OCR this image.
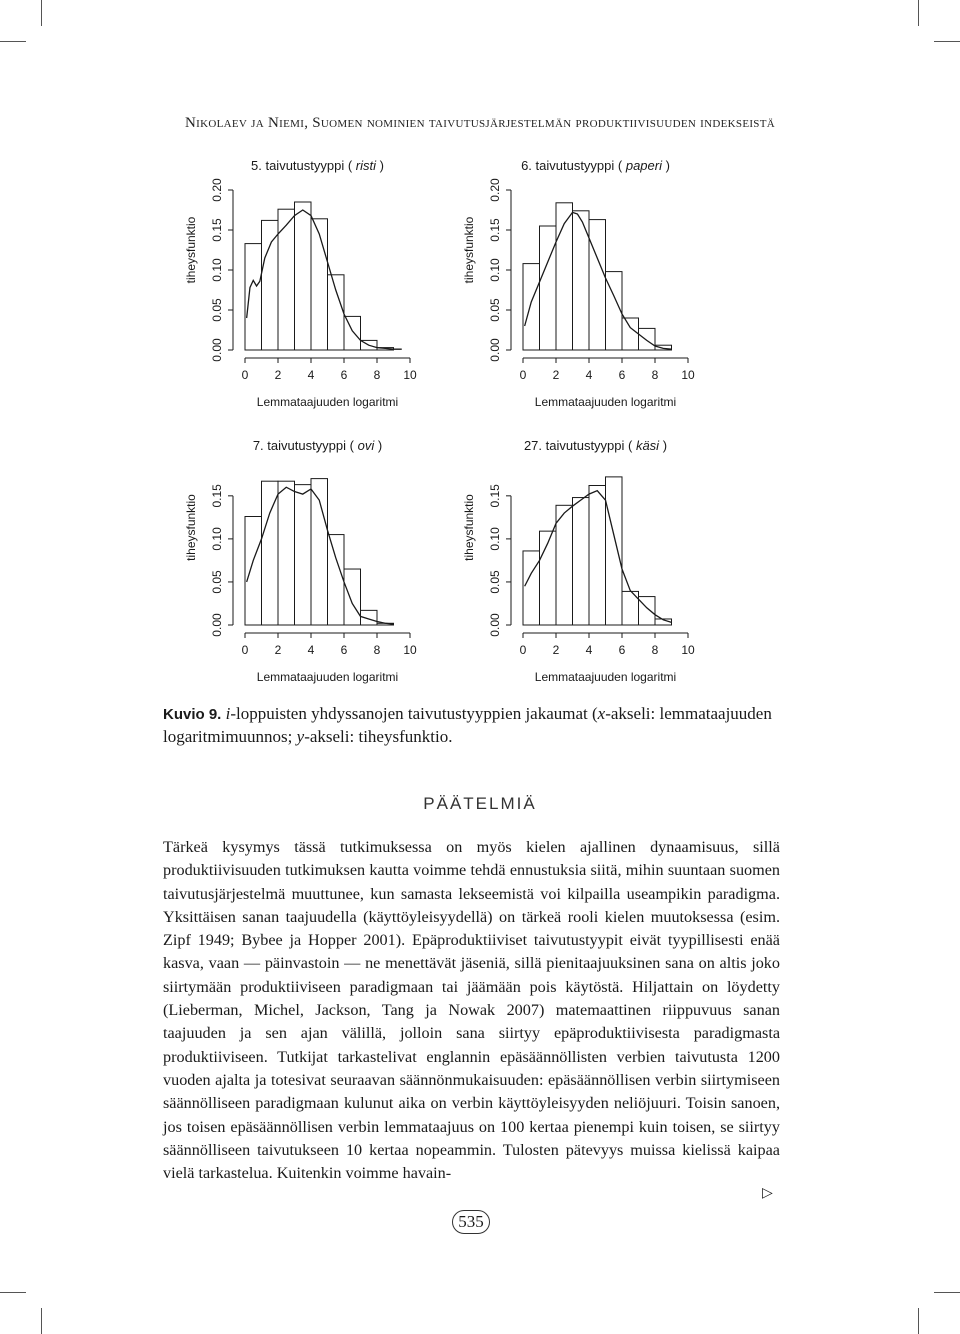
Nikolaev ja Niemi, Suomen nominien taivutusjärjestelmän produktiivisuuden indekseistä
5. taivutustyyppi ( risti )
0 2 4 6 8 10
Lemmataajuuden logaritmi
0.00
0.05
0.10
0.15
0.20
tiheysfunktio
6. taivutustyyppi ( paperi )
0 2 4 6 8 10
Lemmataajuuden logaritmi
0.00
0.05
0.10
0.15
0.20
tiheysfunktio
7. taivutustyyppi ( ovi )
0 2 4 6 8 10
Lemmataajuuden logaritmi
0.00
0.05
0.10
0.15
tiheysfunktio
27. taivutustyyppi ( käsi )
0 2 4 6 8 10
Lemmataajuuden logaritmi
0.00
0.05
0.10
0.15
tiheysfunktio
Kuvio 9. i-loppuisten yhdyssanojen taivutustyyppien jakaumat (x-akseli: lemmataajuuden logaritmimuunnos; y-akseli: tiheysfunktio.
PÄÄTELMIÄ

Tärkeä kysymys tässä tutkimuksessa on myös kielen ajallinen dynaamisuus, sillä produktiivisuuden tutkimuksen kautta voimme tehdä ennustuksia siitä, mihin suuntaan suomen taivutusjärjestelmä muuttunee, kun samasta lekseemistä voi kilpailla useampikin paradigma. Yksittäisen sanan taajuudella (käyttöyleisyydellä) on tärkeä rooli kielen muutoksessa (esim. Zipf 1949; Bybee ja Hopper 2001). Epäproduktiiviset taivutustyypit eivät tyypillisesti enää kasva, vaan — päinvastoin — ne menettävät jäseniä, sillä pienitaajuuksinen sana on altis joko siirtymään produktiiviseen paradigmaan tai jäämään pois käytöstä. Hiljattain on löydetty (Lieberman, Michel, Jackson, Tang ja Nowak 2007) matemaattinen riippuvuus sanan taajuuden ja sen ajan välillä, jolloin sana siirtyy epäproduktiivisesta paradigmasta produktiiviseen. Tutkijat tarkastelivat englannin epäsäännöllisten verbien taivutusta 1200 vuoden ajalta ja totesivat seuraavan säännönmukaisuuden: epäsäännöllisen verbin siirtymiseen säännölliseen paradigmaan kulunut aika on verbin käyttöyleisyyden neliöjuuri. Toisin sanoen, jos toisen epäsäännöllisen verbin lemmataajuus on 100 kertaa pienempi kuin toisen, se siirtyy säännölliseen taivutukseen 10 kertaa nopeammin. Tulosten pätevyys muissa kielissä kaipaa vielä tarkastelua. Kuitenkin voimme havain-

▷
535
